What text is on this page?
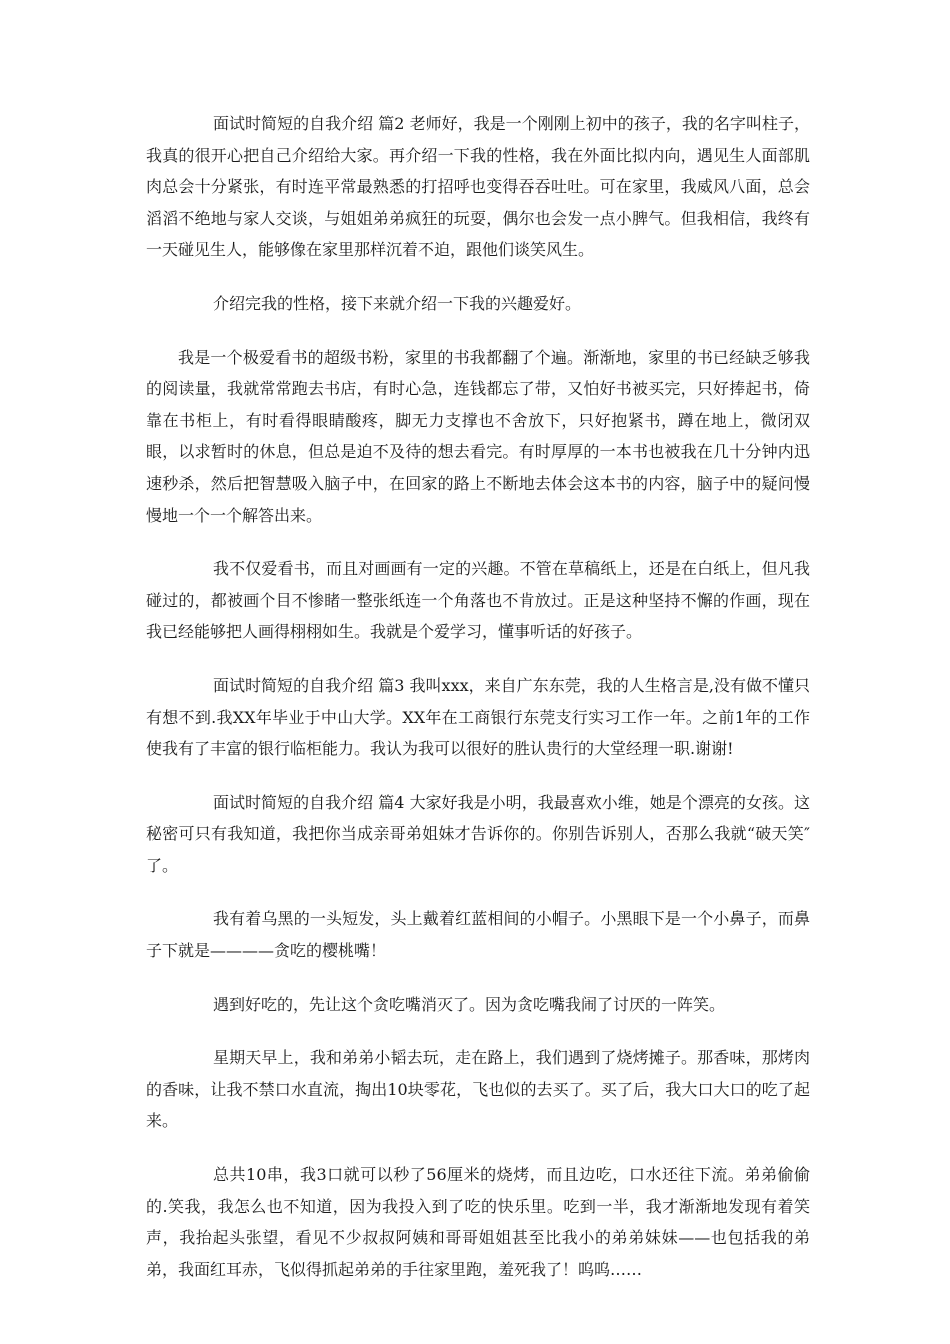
面试时简短的自我介绍 篇2 老师好，我是一个刚刚上初中的孩子，我的名字叫柱子，我真的很开心把自己介绍给大家。再介绍一下我的性格，我在外面比拟内向，遇见生人面部肌肉总会十分紧张，有时连平常最熟悉的打招呼也变得吞吞吐吐。可在家里，我威风八面，总会滔滔不绝地与家人交谈，与姐姐弟弟疯狂的玩耍，偶尔也会发一点小脾气。但我相信，我终有一天碰见生人，能够像在家里那样沉着不迫，跟他们谈笑风生。

介绍完我的性格，接下来就介绍一下我的兴趣爱好。

我是一个极爱看书的超级书粉，家里的书我都翻了个遍。渐渐地，家里的书已经缺乏够我的阅读量，我就常常跑去书店，有时心急，连钱都忘了带，又怕好书被买完，只好捧起书，倚靠在书柜上，有时看得眼睛酸疼，脚无力支撑也不舍放下，只好抱紧书，蹲在地上，微闭双眼，以求暂时的休息，但总是迫不及待的想去看完。有时厚厚的一本书也被我在几十分钟内迅速秒杀，然后把智慧吸入脑子中，在回家的路上不断地去体会这本书的内容，脑子中的疑问慢慢地一个一个解答出来。

我不仅爱看书，而且对画画有一定的兴趣。不管在草稿纸上，还是在白纸上，但凡我碰过的，都被画个目不惨睹一整张纸连一个角落也不肯放过。正是这种坚持不懈的作画，现在我已经能够把人画得栩栩如生。我就是个爱学习，懂事听话的好孩子。

面试时简短的自我介绍 篇3 我叫xxx，来自广东东莞，我的人生格言是,没有做不懂只有想不到.我XX年毕业于中山大学。XX年在工商银行东莞支行实习工作一年。之前1年的工作使我有了丰富的银行临柜能力。我认为我可以很好的胜认贵行的大堂经理一职.谢谢!

面试时简短的自我介绍 篇4 大家好我是小明，我最喜欢小维，她是个漂亮的女孩。这秘密可只有我知道，我把你当成亲哥弟姐妹才告诉你的。你别告诉别人，否那么我就“破天笑″了。

我有着乌黑的一头短发，头上戴着红蓝相间的小帽子。小黑眼下是一个小鼻子，而鼻子下就是————贪吃的樱桃嘴！

遇到好吃的，先让这个贪吃嘴消灭了。因为贪吃嘴我闹了讨厌的一阵笑。

星期天早上，我和弟弟小韬去玩，走在路上，我们遇到了烧烤摊子。那香味，那烤肉的香味，让我不禁口水直流，掏出10块零花，飞也似的去买了。买了后，我大口大口的吃了起来。

总共10串，我3口就可以秒了56厘米的烧烤，而且边吃，口水还往下流。弟弟偷偷的.笑我，我怎么也不知道，因为我投入到了吃的快乐里。吃到一半，我才渐渐地发现有着笑声，我抬起头张望，看见不少叔叔阿姨和哥哥姐姐甚至比我小的弟弟妹妹——也包括我的弟弟，我面红耳赤，飞似得抓起弟弟的手往家里跑，羞死我了！呜呜……
